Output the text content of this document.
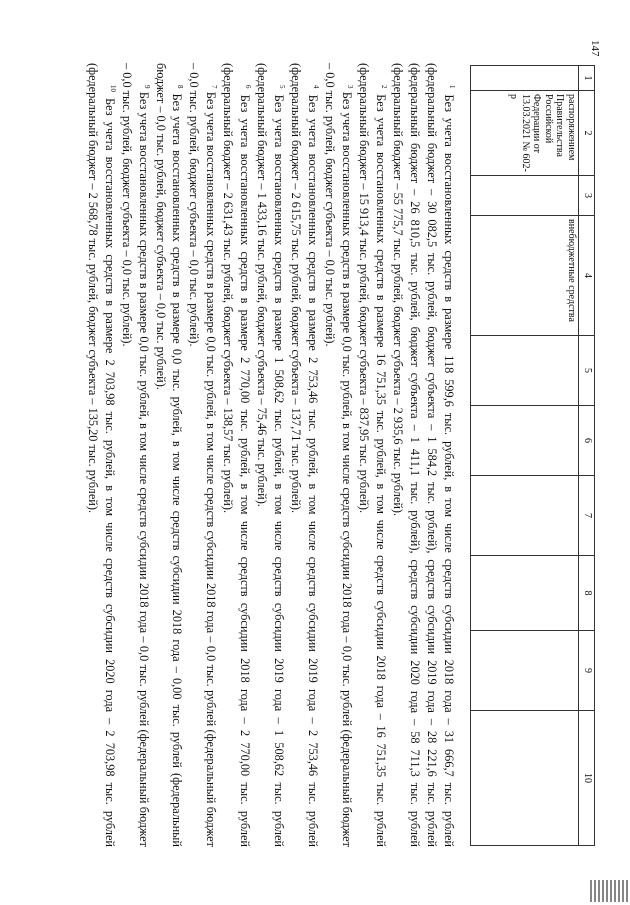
147
1	2	3	4	5	6	7	8	9	10
	распоряжением Правительства Российской Федерации от 13.03.2021 № 602-р		внебюджетные средства						

$^1$ Без учета восстановленных средств в размере 118 599,6 тыс. рублей, в том числе средств субсидии 2018 года – 31 666,7 тыс. рублей (федеральный бюджет – 30 082,5 тыс. рублей, бюджет субъекта – 1 584,2 тыс. рублей), средств субсидии 2019 года – 28 221,6 тыс. рублей (федеральный бюджет – 26 810,5 тыс. рублей, бюджет субъекта – 1 411,1 тыс. рублей), средств субсидии 2020 года – 58 711,3 тыс. рублей (федеральный бюджет – 55 775,7 тыс. рублей, бюджет субъекта – 2 935,6 тыс. рублей).

$^2$ Без учета восстановленных средств в размере 16 751,35 тыс. рублей, в том числе средств субсидии 2018 года – 16 751,35 тыс. рублей (федеральный бюджет – 15 913,4 тыс. рублей, бюджет субъекта – 837,95 тыс. рублей).

$^3$ Без учета восстановленных средств в размере 0,0 тыс. рублей, в том числе средств субсидии 2018 года – 0,0 тыс. рублей (федеральный бюджет – 0,0 тыс. рублей, бюджет субъекта – 0,0 тыс. рублей).

$^4$ Без учета восстановленных средств в размере 2 753,46 тыс. рублей, в том числе средств субсидии 2019 года – 2 753,46 тыс. рублей (федеральный бюджет – 2 615,75 тыс. рублей, бюджет субъекта – 137,71 тыс. рублей).

$^5$ Без учета восстановленных средств в размере 1 508,62 тыс. рублей, в том числе средств субсидии 2019 года – 1 508,62 тыс. рублей (федеральный бюджет – 1 433,16 тыс. рублей, бюджет субъекта – 75,46 тыс. рублей).

$^6$ Без учета восстановленных средств в размере 2 770,00 тыс. рублей, в том числе средств субсидии 2018 года – 2 770,00 тыс. рублей (федеральный бюджет – 2 631,43 тыс. рублей, бюджет субъекта – 138,57 тыс. рублей).

$^7$ Без учета восстановленных средств в размере 0,0 тыс. рублей, в том числе средств субсидии 2018 года – 0,0 тыс. рублей (федеральный бюджет – 0,0 тыс. рублей, бюджет субъекта – 0,0 тыс. рублей).

$^8$ Без учета восстановленных средств в размере 0,0 тыс. рублей, в том числе средств субсидии 2018 года – 0,00 тыс. рублей (федеральный бюджет – 0,0 тыс. рублей, бюджет субъекта – 0,0 тыс. рублей).

$^9$ Без учета восстановленных средств в размере 0,0 тыс. рублей, в том числе средств субсидии 2018 года – 0,0 тыс. рублей (федеральный бюджет – 0,0 тыс. рублей, бюджет субъекта – 0,0 тыс. рублей).

$^{10}$ Без учета восстановленных средств в размере 2 703,98 тыс. рублей, в том числе средств субсидии 2020 года – 2 703,98 тыс. рублей (федеральный бюджет – 2 568,78 тыс. рублей, бюджет субъекта – 135,20 тыс. рублей).
